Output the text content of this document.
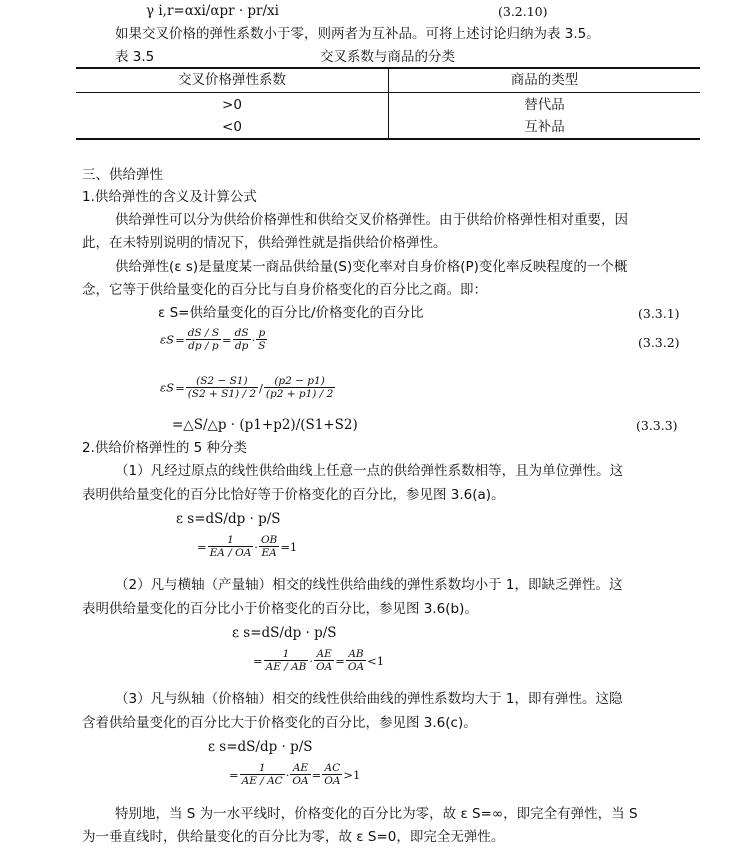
γ i,r=αxi/αpr · pr/xi	(3.2.10)
如果交叉价格的弹性系数小于零，则两者为互补品。可将上述讨论归纳为表 3.5。
表 3.5	交叉系数与商品的分类
交叉价格弹性系数	商品的类型
>0	替代品
<0	互补品
三、供给弹性
1.供给弹性的含义及计算公式
供给弹性可以分为供给价格弹性和供给交叉价格弹性。由于供给价格弹性相对重要，因
此，在未特别说明的情况下，供给弹性就是指供给价格弹性。
供给弹性(ε s)是量度某一商品供给量(S)变化率对自身价格(P)变化率反映程度的一个概
念，它等于供给量变化的百分比与自身价格变化的百分比之商。即：
ε S=供给量变化的百分比/价格变化的百分比	(3.3.1)
$\varepsilon S= \frac{dS / S}{dp / p} = \frac{dS}{dp} \cdot \frac{p}{S}$	(3.3.2)
$\varepsilon S= \frac{(S2 - S1)}{(S2 + S1) / 2} / \frac{(p2 - p1)}{(p2 + p1) / 2}$
=△S/△p · (p1+p2)/(S1+S2)	(3.3.3)
2.供给价格弹性的 5 种分类
（1）凡经过原点的线性供给曲线上任意一点的供给弹性系数相等，且为单位弹性。这
表明供给量变化的百分比恰好等于价格变化的百分比，参见图 3.6(a)。
ε s=dS/dp · p/S
= $\frac{1}{EA / OA} \cdot \frac{OB}{EA} =1$
（2）凡与横轴（产量轴）相交的线性供给曲线的弹性系数均小于 1，即缺乏弹性。这
表明供给量变化的百分比小于价格变化的百分比，参见图 3.6(b)。
ε s=dS/dp · p/S
= $\frac{1}{AE / AB} \cdot \frac{AE}{OA} = \frac{AB}{OA} <1$
（3）凡与纵轴（价格轴）相交的线性供给曲线的弹性系数均大于 1，即有弹性。这隐
含着供给量变化的百分比大于价格变化的百分比，参见图 3.6(c)。
ε s=dS/dp · p/S
= $\frac{1}{AE / AC} \cdot \frac{AE}{OA} = \frac{AC}{OA} >1$
特别地，当 S 为一水平线时，价格变化的百分比为零，故 ε S=∞，即完全有弹性，当 S
为一垂直线时，供给量变化的百分比为零，故 ε S=0，即完全无弹性。
